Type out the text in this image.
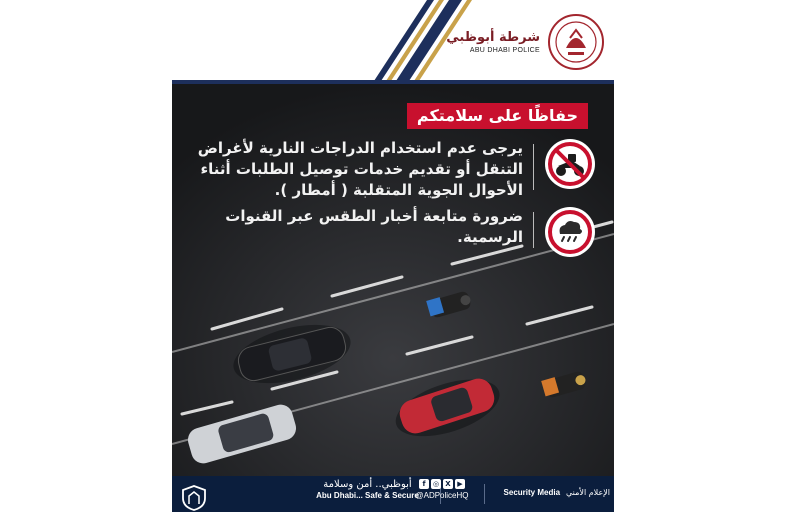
شرطة أبوظبي
ABU DHABI POLICE
حفاظًا على سلامتكم
يرجى عدم استخدام الدراجات النارية لأغراض التنقل أو تقديم خدمات توصيل الطلبات أثناء الأحوال الجوية المتقلبة ( أمطار ).
ضرورة متابعة أخبار الطقس عبر القنوات الرسمية.
أبوظبي.. أمن وسلامة
Abu Dhabi... Safe & Secure
f	◎ X ▶
@ADPoliceHQ	Security Media الإعلام الأمني
